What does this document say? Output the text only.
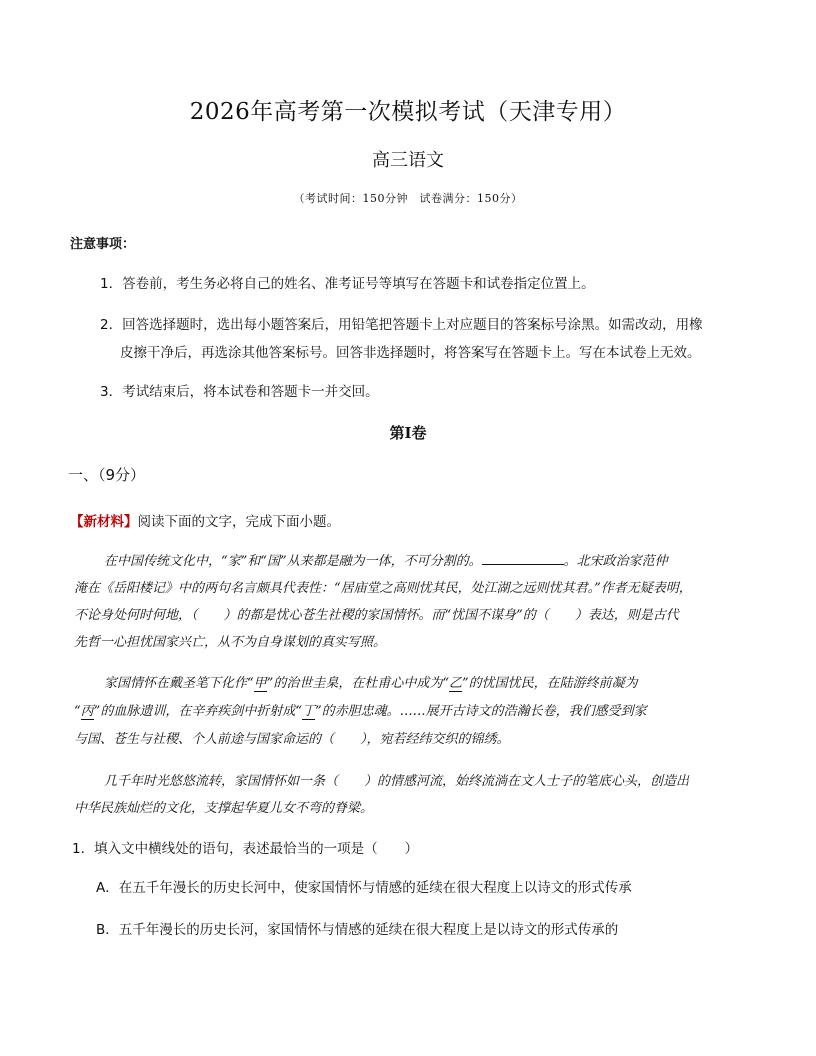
2026年高考第一次模拟考试（天津专用）
高三语文
（考试时间：150分钟　试卷满分：150分）
注意事项：
1．答卷前，考生务必将自己的姓名、准考证号等填写在答题卡和试卷指定位置上。
2．回答选择题时，选出每小题答案后，用铅笔把答题卡上对应题目的答案标号涂黑。如需改动，用橡
皮擦干净后，再选涂其他答案标号。回答非选择题时，将答案写在答题卡上。写在本试卷上无效。
3．考试结束后，将本试卷和答题卡一并交回。
第Ⅰ卷
一、（9分）
【新材料】阅读下面的文字，完成下面小题。
在中国传统文化中，“家”和“国”从来都是融为一体，不可分割的。	。北宋政治家范仲
淹在《岳阳楼记》中的两句名言颇具代表性：“居庙堂之高则忧其民，处江湖之远则忧其君。”作者无疑表明，
不论身处何时何地，（　　）的都是忧心苍生社稷的家国情怀。而“忧国不谋身”的（　　）表达，则是古代
先哲一心担忧国家兴亡，从不为自身谋划的真实写照。
家国情怀在戴圣笔下化作“甲”的治世圭臬，在杜甫心中成为“乙”的忧国忧民，在陆游终前凝为
“丙”的血脉遗训，在辛弃疾剑中折射成“丁”的赤胆忠魂。……展开古诗文的浩瀚长卷，我们感受到家
与国、苍生与社稷、个人前途与国家命运的（　　），宛若经纬交织的锦绣。
几千年时光悠悠流转，家国情怀如一条（　　）的情感河流，始终流淌在文人士子的笔底心头，创造出
中华民族灿烂的文化，支撑起华夏儿女不弯的脊梁。
1．填入文中横线处的语句，表述最恰当的一项是（　　）
A．在五千年漫长的历史长河中，使家国情怀与情感的延续在很大程度上以诗文的形式传承
B．五千年漫长的历史长河，家国情怀与情感的延续在很大程度上是以诗文的形式传承的
